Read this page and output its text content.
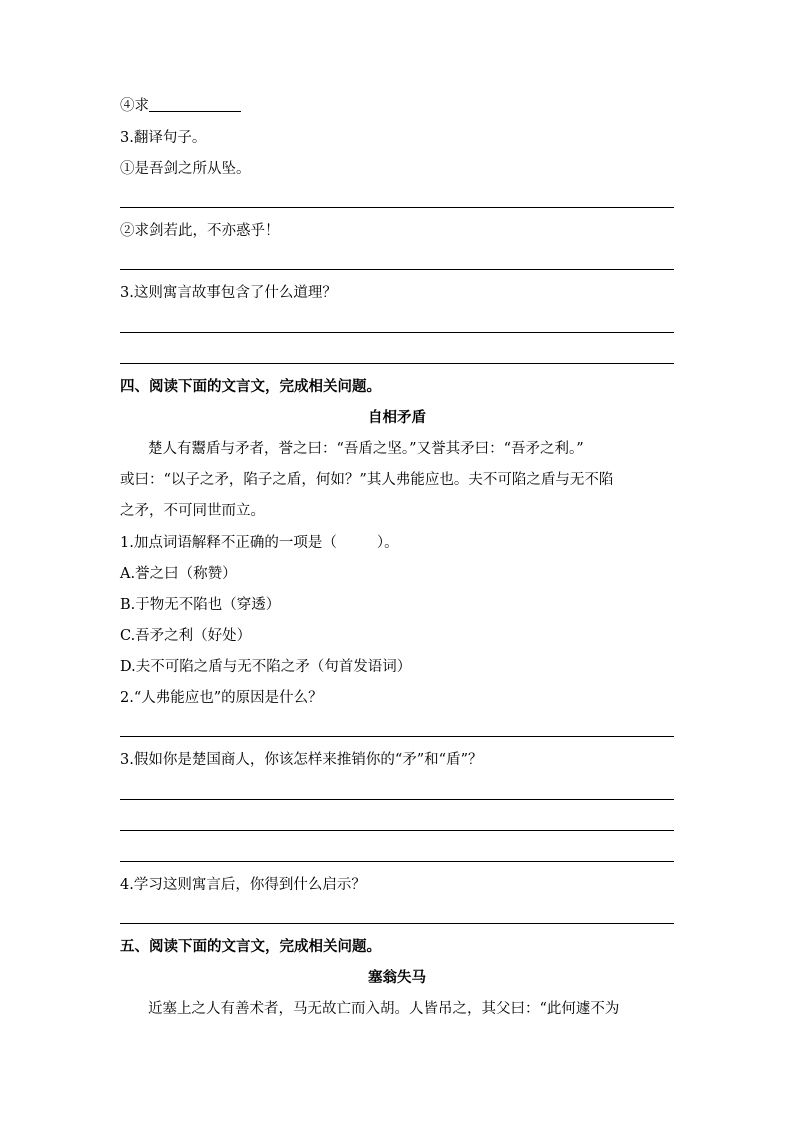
④求
3.翻译句子。
①是吾剑之所从坠。
②求剑若此，不亦惑乎！
3.这则寓言故事包含了什么道理？
四、阅读下面的文言文，完成相关问题。
自相矛盾
楚人有鬻盾与矛者，誉之曰：“吾盾之坚。”又誉其矛曰：“吾矛之利。”
或曰：“以子之矛，陷子之盾，何如？”其人弗能应也。夫不可陷之盾与无不陷
之矛，不可同世而立。
1.加点词语解释不正确的一项是（	）。
A.誉之曰（称赞）
B.于物无不陷也（穿透）
C.吾矛之利（好处）
D.夫不可陷之盾与无不陷之矛（句首发语词）
2.“人弗能应也”的原因是什么？
3.假如你是楚国商人，你该怎样来推销你的“矛”和“盾”？
4.学习这则寓言后，你得到什么启示？
五、阅读下面的文言文，完成相关问题。
塞翁失马
近塞上之人有善术者，马无故亡而入胡。人皆吊之，其父曰：“此何遽不为
